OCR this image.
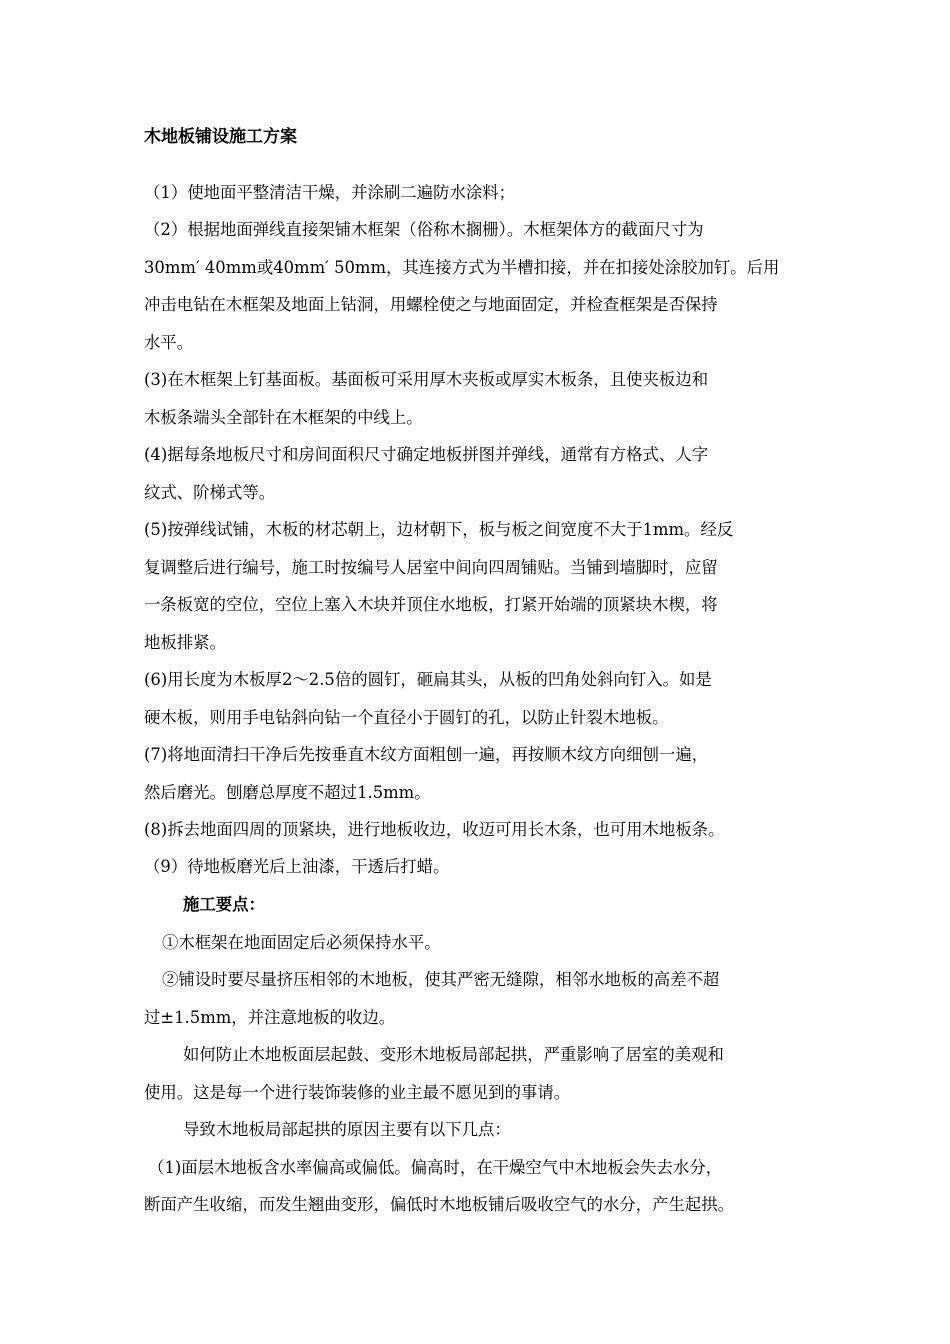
木地板铺设施工方案
（1）使地面平整清洁干燥，并涂刷二遍防水涂料；
（2）根据地面弹线直接架铺木框架（俗称木搁栅）。木框架体方的截面尺寸为
30mm′ 40mm或40mm′ 50mm，其连接方式为半槽扣接，并在扣接处涂胶加钉。后用
冲击电钻在木框架及地面上钻洞，用螺栓使之与地面固定，并检查框架是否保持
水平。
(3)在木框架上钉基面板。基面板可采用厚木夹板或厚实木板条，且使夹板边和
木板条端头全部针在木框架的中线上。
(4)据每条地板尺寸和房间面积尺寸确定地板拼图并弹线，通常有方格式、人字
纹式、阶梯式等。
(5)按弹线试铺，木板的材芯朝上，边材朝下，板与板之间宽度不大于1mm。经反
复调整后进行编号，施工时按编号人居室中间向四周铺贴。当铺到墙脚时，应留
一条板宽的空位，空位上塞入木块并顶住水地板，打紧开始端的顶紧块木楔，将
地板排紧。
(6)用长度为木板厚2～2.5倍的圆钉，砸扁其头，从板的凹角处斜向钉入。如是
硬木板，则用手电钻斜向钻一个直径小于圆钉的孔，以防止针裂木地板。
(7)将地面清扫干净后先按垂直木纹方面粗刨一遍，再按顺木纹方向细刨一遍，
然后磨光。刨磨总厚度不超过1.5mm。
(8)拆去地面四周的顶紧块，进行地板收边，收迈可用长木条，也可用木地板条。
（9）待地板磨光后上油漆，干透后打蜡。
施工要点：
①木框架在地面固定后必须保持水平。
②铺设时要尽量挤压相邻的木地板，使其严密无缝隙，相邻水地板的高差不超
过±1.5mm，并注意地板的收边。
如何防止木地板面层起鼓、变形木地板局部起拱，严重影响了居室的美观和
使用。这是每一个进行装饰装修的业主最不愿见到的事请。
导致木地板局部起拱的原因主要有以下几点：
（1)面层木地板含水率偏高或偏低。偏高时，在干燥空气中木地板会失去水分，
断面产生收缩，而发生翘曲变形，偏低时木地板铺后吸收空气的水分，产生起拱。
